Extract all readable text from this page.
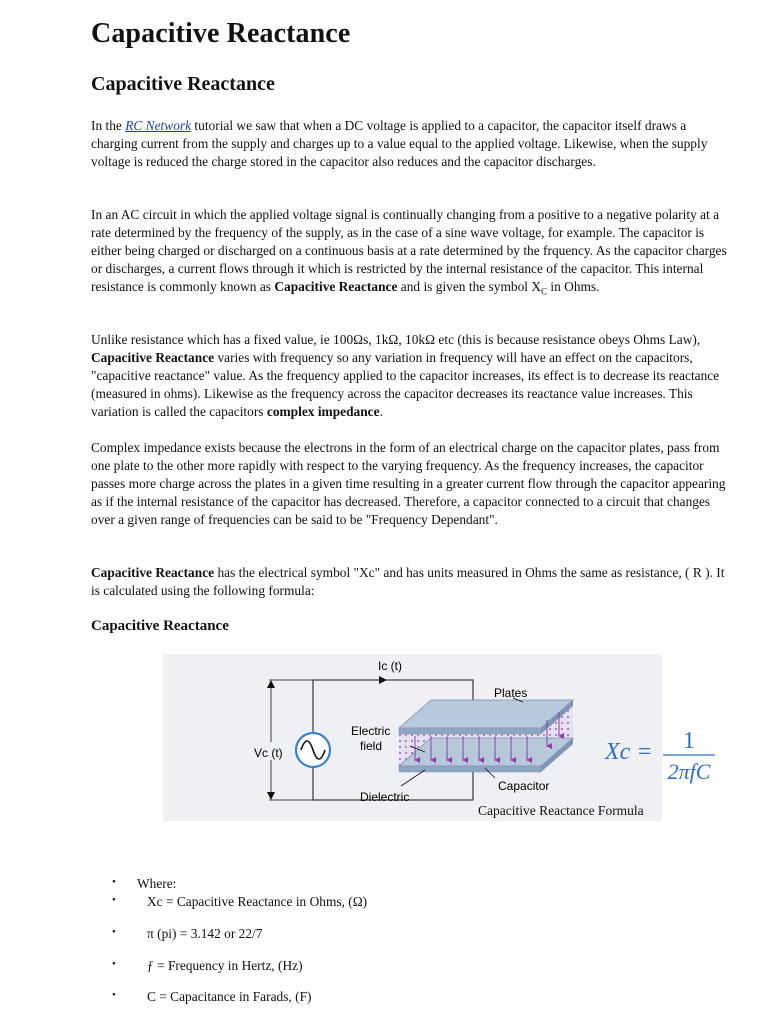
Capacitive Reactance
Capacitive Reactance

In the RC Network tutorial we saw that when a DC voltage is applied to a capacitor, the capacitor itself draws a charging current from the supply and charges up to a value equal to the applied voltage. Likewise, when the supply voltage is reduced the charge stored in the capacitor also reduces and the capacitor discharges.

In an AC circuit in which the applied voltage signal is continually changing from a positive to a negative polarity at a rate determined by the frequency of the supply, as in the case of a sine wave voltage, for example. The capacitor is either being charged or discharged on a continuous basis at a rate determined by the frquency. As the capacitor charges or discharges, a current flows through it which is restricted by the internal resistance of the capacitor. This internal resistance is commonly known as Capacitive Reactance and is given the symbol $X_C$ in Ohms.

Unlike resistance which has a fixed value, ie 100Ωs, 1kΩ, 10kΩ etc (this is because resistance obeys Ohms Law), Capacitive Reactance varies with frequency so any variation in frequency will have an effect on the capacitors, "capacitive reactance" value. As the frequency applied to the capacitor increases, its effect is to decrease its reactance (measured in ohms). Likewise as the frequency across the capacitor decreases its reactance value increases. This variation is called the capacitors complex impedance.

Complex impedance exists because the electrons in the form of an electrical charge on the capacitor plates, pass from one plate to the other more rapidly with respect to the varying frequency. As the frequency increases, the capacitor passes more charge across the plates in a given time resulting in a greater current flow through the capacitor appearing as if the internal resistance of the capacitor has decreased. Therefore, a capacitor connected to a circuit that changes over a given range of frequencies can be said to be "Frequency Dependant".

Capacitive Reactance has the electrical symbol "Xc" and has units measured in Ohms the same as resistance, ( R ). It is calculated using the following formula:

Capacitive Reactance
Ic (t)
Vc (t)
Plates
Electric
field
Dielectric
Capacitor
Xc = 1
2πfC
Capacitive Reactance Formula
• Where:
• Xc = Capacitive Reactance in Ohms, (Ω)
• π (pi) = 3.142 or 22/7
• ƒ = Frequency in Hertz, (Hz)
• C = Capacitance in Farads, (F)
